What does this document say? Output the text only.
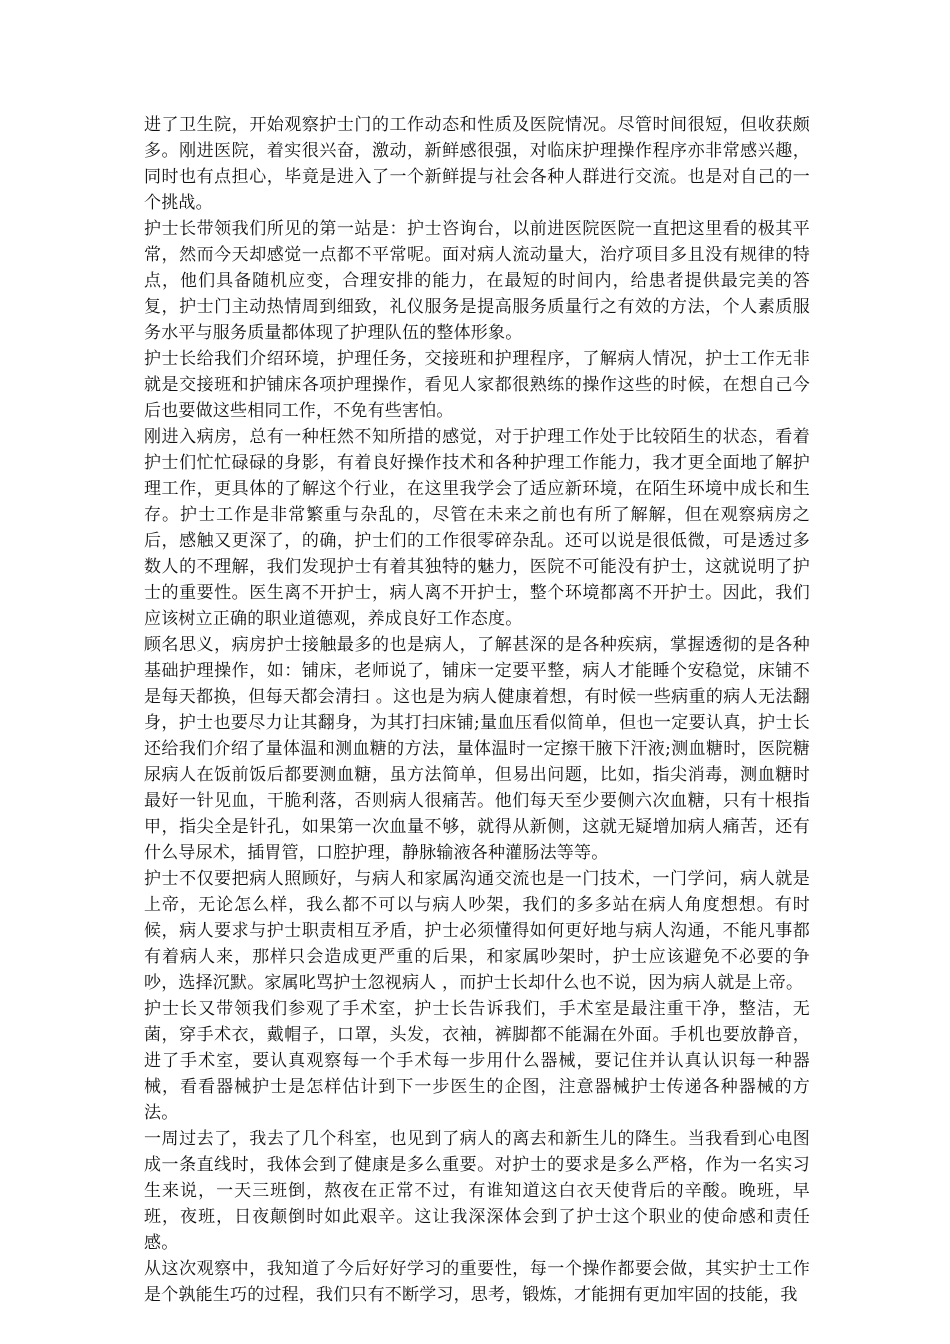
进了卫生院，开始观察护士门的工作动态和性质及医院情况。尽管时间很短，但收获颇多。刚进医院，着实很兴奋，激动，新鲜感很强，对临床护理操作程序亦非常感兴趣，同时也有点担心，毕竟是进入了一个新鲜提与社会各种人群进行交流。也是对自己的一个挑战。

护士长带领我们所见的第一站是：护士咨询台，以前进医院医院一直把这里看的极其平常，然而今天却感觉一点都不平常呢。面对病人流动量大，治疗项目多且没有规律的特点，他们具备随机应变，合理安排的能力，在最短的时间内，给患者提供最完美的答复，护士门主动热情周到细致，礼仪服务是提高服务质量行之有效的方法，个人素质服务水平与服务质量都体现了护理队伍的整体形象。

护士长给我们介绍环境，护理任务，交接班和护理程序，了解病人情况，护士工作无非就是交接班和护铺床各项护理操作，看见人家都很熟练的操作这些的时候，在想自己今后也要做这些相同工作，不免有些害怕。

刚进入病房，总有一种枉然不知所措的感觉，对于护理工作处于比较陌生的状态，看着护士们忙忙碌碌的身影，有着良好操作技术和各种护理工作能力，我才更全面地了解护理工作，更具体的了解这个行业，在这里我学会了适应新环境，在陌生环境中成长和生存。护士工作是非常繁重与杂乱的，尽管在未来之前也有所了解解，但在观察病房之后，感触又更深了，的确，护士们的工作很零碎杂乱。还可以说是很低微，可是透过多数人的不理解，我们发现护士有着其独特的魅力，医院不可能没有护士，这就说明了护士的重要性。医生离不开护士，病人离不开护士，整个环境都离不开护士。因此，我们应该树立正确的职业道德观，养成良好工作态度。

顾名思义，病房护士接触最多的也是病人，了解甚深的是各种疾病，掌握透彻的是各种基础护理操作，如：铺床，老师说了，铺床一定要平整，病人才能睡个安稳觉，床铺不是每天都换，但每天都会清扫 。这也是为病人健康着想，有时候一些病重的病人无法翻身，护士也要尽力让其翻身，为其打扫床铺;量血压看似简单，但也一定要认真，护士长还给我们介绍了量体温和测血糖的方法，量体温时一定擦干腋下汗液;测血糖时，医院糖尿病人在饭前饭后都要测血糖，虽方法简单，但易出问题，比如，指尖消毒，测血糖时最好一针见血，干脆利落，否则病人很痛苦。他们每天至少要侧六次血糖，只有十根指甲，指尖全是针孔，如果第一次血量不够，就得从新侧，这就无疑增加病人痛苦，还有什么导尿术，插胃管，口腔护理，静脉输液各种灌肠法等等。

护士不仅要把病人照顾好，与病人和家属沟通交流也是一门技术，一门学问，病人就是上帝，无论怎么样，我么都不可以与病人吵架，我们的多多站在病人角度想想。有时候，病人要求与护士职责相互矛盾，护士必须懂得如何更好地与病人沟通，不能凡事都有着病人来，那样只会造成更严重的后果，和家属吵架时，护士应该避免不必要的争吵，选择沉默。家属叱骂护士忽视病人 ，而护士长却什么也不说，因为病人就是上帝。

护士长又带领我们参观了手术室，护士长告诉我们，手术室是最注重干净，整洁，无菌，穿手术衣，戴帽子，口罩，头发，衣袖，裤脚都不能漏在外面。手机也要放静音，进了手术室，要认真观察每一个手术每一步用什么器械，要记住并认真认识每一种器械，看看器械护士是怎样估计到下一步医生的企图，注意器械护士传递各种器械的方法。

一周过去了，我去了几个科室，也见到了病人的离去和新生儿的降生。当我看到心电图成一条直线时，我体会到了健康是多么重要。对护士的要求是多么严格，作为一名实习生来说，一天三班倒，熬夜在正常不过，有谁知道这白衣天使背后的辛酸。晚班，早班，夜班，日夜颠倒时如此艰辛。这让我深深体会到了护士这个职业的使命感和责任感。

从这次观察中，我知道了今后好好学习的重要性，每一个操作都要会做，其实护士工作是个孰能生巧的过程，我们只有不断学习，思考，锻炼，才能拥有更加牢固的技能，我
